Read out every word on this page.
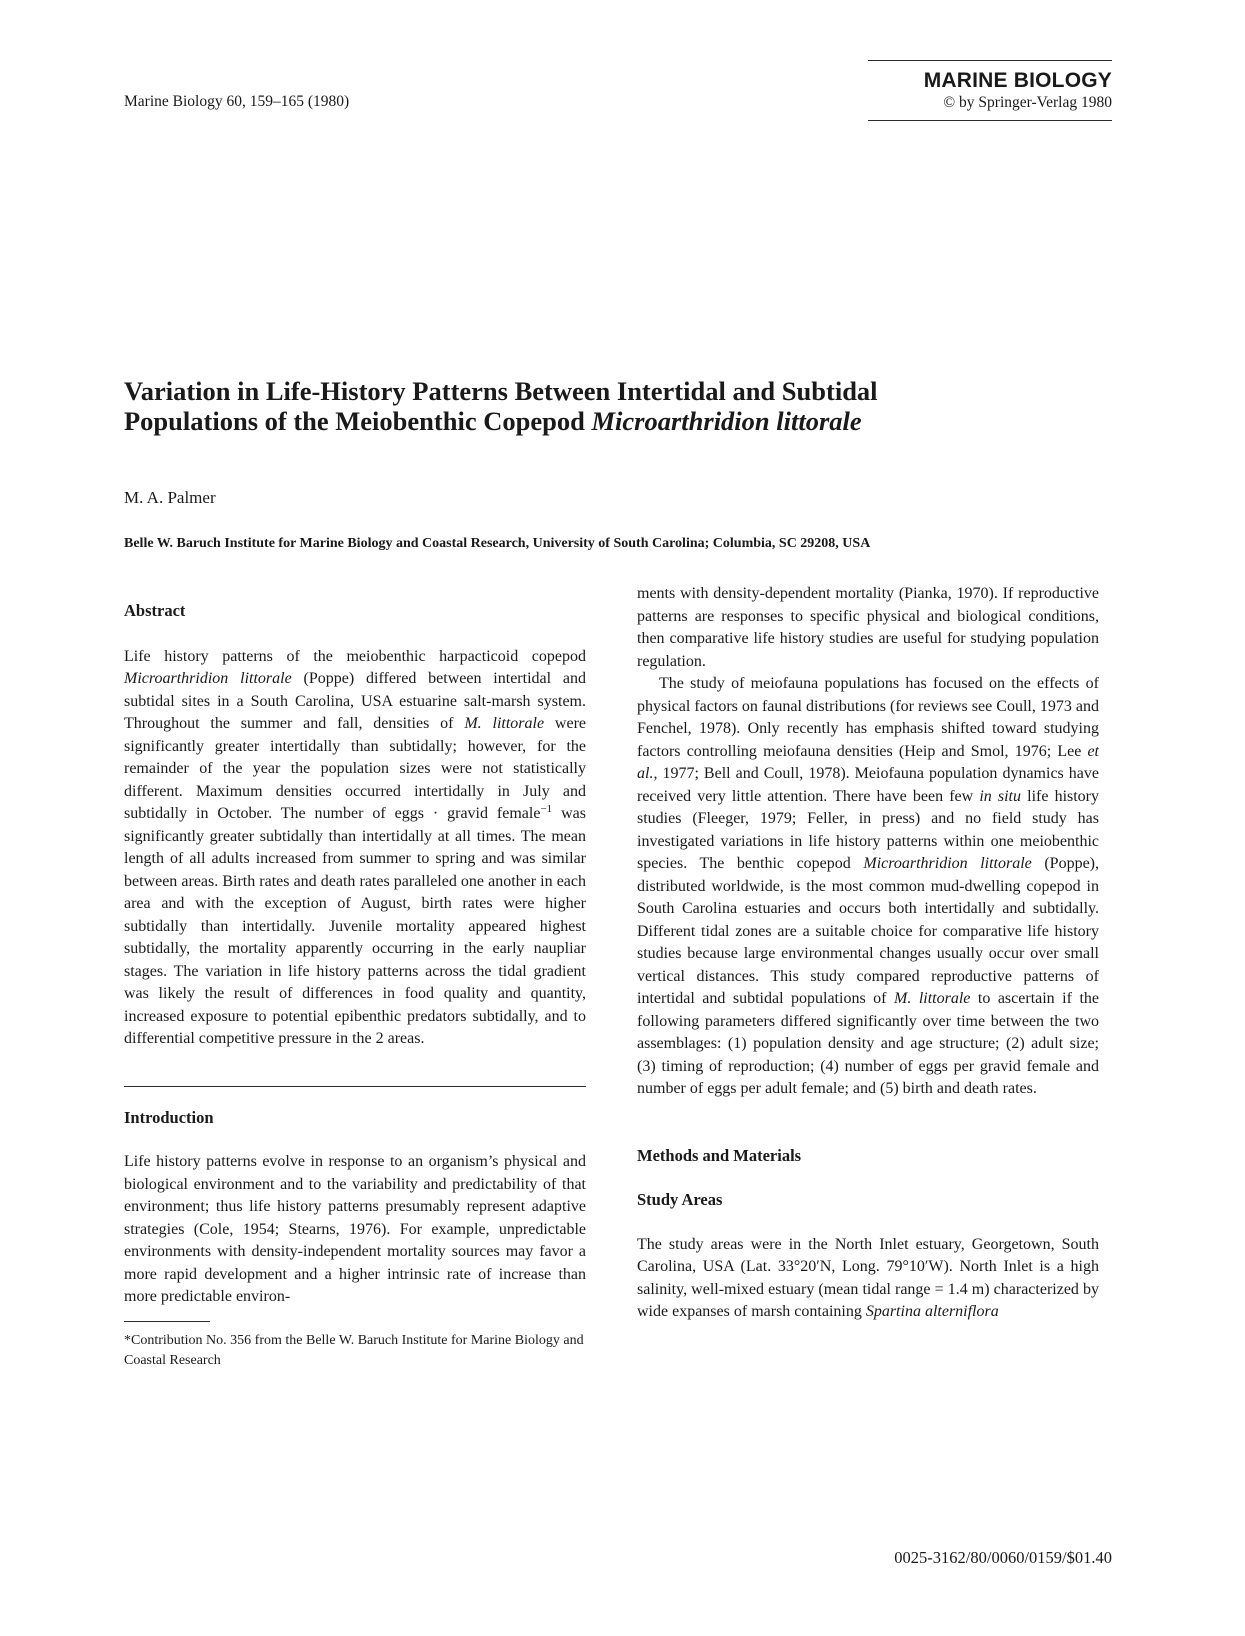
Marine Biology 60, 159–165 (1980)
MARINE BIOLOGY
© by Springer-Verlag 1980
Variation in Life-History Patterns Between Intertidal and Subtidal
Populations of the Meiobenthic Copepod Microarthridion littorale
M. A. Palmer
Belle W. Baruch Institute for Marine Biology and Coastal Research, University of South Carolina; Columbia, SC 29208, USA
Abstract

Life history patterns of the meiobenthic harpacticoid copepod Microarthridion littorale (Poppe) differed between intertidal and subtidal sites in a South Carolina, USA estuarine salt-marsh system. Throughout the summer and fall, densities of M. littorale were significantly greater intertidally than subtidally; however, for the remainder of the year the population sizes were not statistically different. Maximum densities occurred intertidally in July and subtidally in October. The number of eggs · gravid female$^{-1}$ was significantly greater subtidally than intertidally at all times. The mean length of all adults increased from summer to spring and was similar between areas. Birth rates and death rates paralleled one another in each area and with the exception of August, birth rates were higher subtidally than intertidally. Juvenile mortality appeared highest subtidally, the mortality apparently occurring in the early naupliar stages. The variation in life history patterns across the tidal gradient was likely the result of differences in food quality and quantity, increased exposure to potential epibenthic predators subtidally, and to differential competitive pressure in the 2 areas.

Introduction

Life history patterns evolve in response to an organism’s physical and biological environment and to the variability and predictability of that environment; thus life history patterns presumably represent adaptive strategies (Cole, 1954; Stearns, 1976). For example, unpredictable environments with density-independent mortality sources may favor a more rapid development and a higher intrinsic rate of increase than more predictable environ-

*Contribution No. 356 from the Belle W. Baruch Institute for Marine Biology and Coastal Research

ments with density-dependent mortality (Pianka, 1970). If reproductive patterns are responses to specific physical and biological conditions, then comparative life history studies are useful for studying population regulation.

The study of meiofauna populations has focused on the effects of physical factors on faunal distributions (for reviews see Coull, 1973 and Fenchel, 1978). Only recently has emphasis shifted toward studying factors controlling meiofauna densities (Heip and Smol, 1976; Lee et al., 1977; Bell and Coull, 1978). Meiofauna population dynamics have received very little attention. There have been few in situ life history studies (Fleeger, 1979; Feller, in press) and no field study has investigated variations in life history patterns within one meiobenthic species. The benthic copepod Microarthridion littorale (Poppe), distributed worldwide, is the most common mud-dwelling copepod in South Carolina estuaries and occurs both intertidally and subtidally. Different tidal zones are a suitable choice for comparative life history studies because large environmental changes usually occur over small vertical distances. This study compared reproductive patterns of intertidal and subtidal populations of M. littorale to ascertain if the following parameters differed significantly over time between the two assemblages: (1) population density and age structure; (2) adult size; (3) timing of reproduction; (4) number of eggs per gravid female and number of eggs per adult female; and (5) birth and death rates.

Methods and Materials
Study Areas

The study areas were in the North Inlet estuary, Georgetown, South Carolina, USA (Lat. 33°20′N, Long. 79°10′W). North Inlet is a high salinity, well-mixed estuary (mean tidal range = 1.4 m) characterized by wide expanses of marsh containing Spartina alterniflora

0025-3162/80/0060/0159/$01.40
